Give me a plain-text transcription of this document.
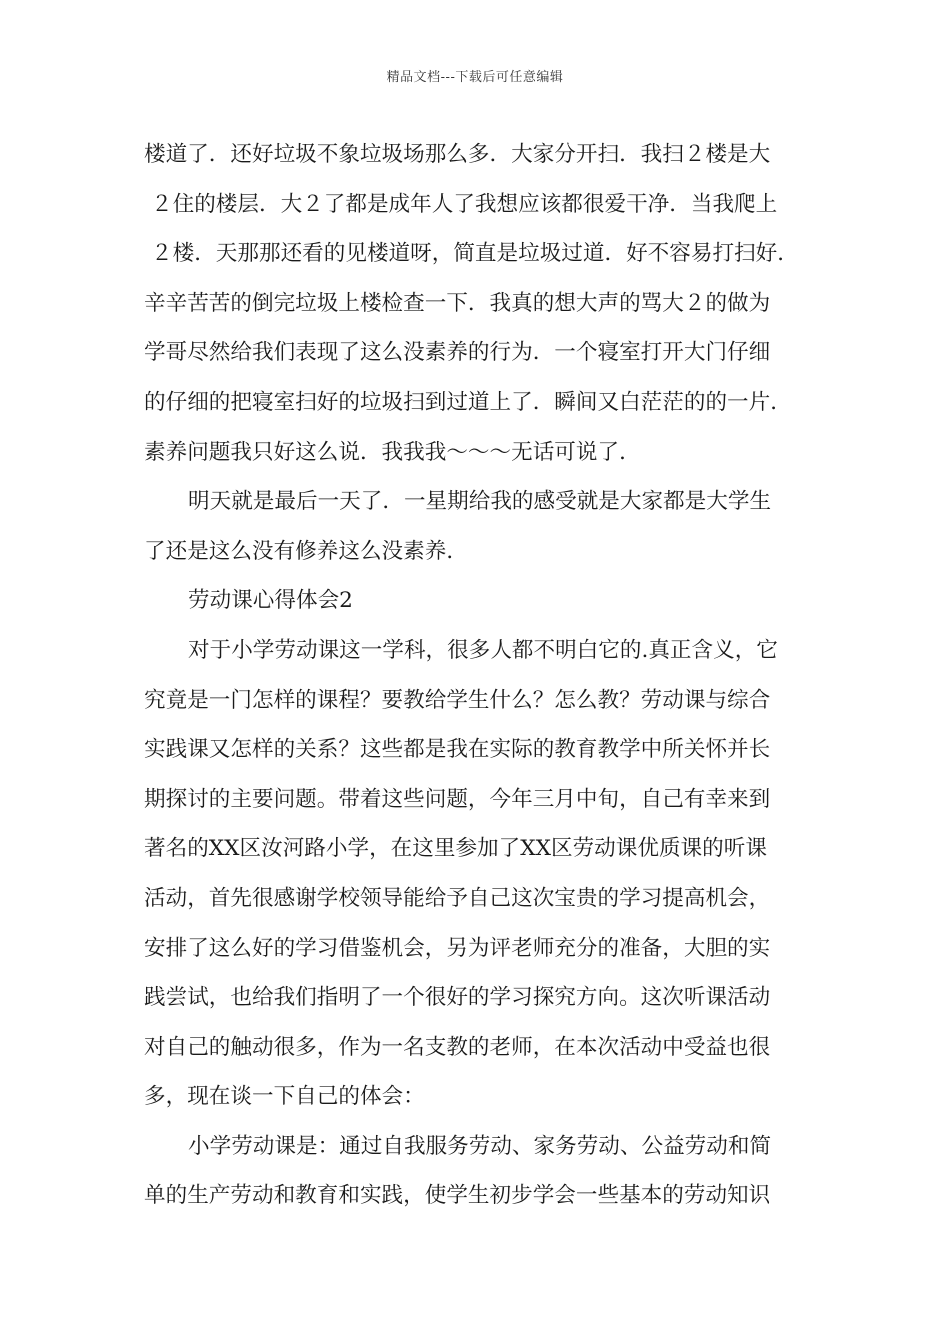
精品文档---下载后可任意编辑
楼道了．还好垃圾不象垃圾场那么多．大家分开扫．我扫２楼是大
２住的楼层．大２了都是成年人了我想应该都很爱干净．当我爬上
２楼．天那那还看的见楼道呀，简直是垃圾过道．好不容易打扫好．
辛辛苦苦的倒完垃圾上楼检查一下．我真的想大声的骂大２的做为
学哥尽然给我们表现了这么没素养的行为．一个寝室打开大门仔细
的仔细的把寝室扫好的垃圾扫到过道上了．瞬间又白茫茫的的一片．
素养问题我只好这么说．我我我～～～无话可说了．
明天就是最后一天了．一星期给我的感受就是大家都是大学生
了还是这么没有修养这么没素养．
劳动课心得体会2
对于小学劳动课这一学科，很多人都不明白它的.真正含义，它
究竟是一门怎样的课程？要教给学生什么？怎么教？劳动课与综合
实践课又怎样的关系？这些都是我在实际的教育教学中所关怀并长
期探讨的主要问题。带着这些问题，今年三月中旬，自己有幸来到
著名的XX区汝河路小学，在这里参加了XX区劳动课优质课的听课
活动，首先很感谢学校领导能给予自己这次宝贵的学习提高机会，
安排了这么好的学习借鉴机会，另为评老师充分的准备，大胆的实
践尝试，也给我们指明了一个很好的学习探究方向。这次听课活动
对自己的触动很多，作为一名支教的老师，在本次活动中受益也很
多，现在谈一下自己的体会：
小学劳动课是：通过自我服务劳动、家务劳动、公益劳动和简
单的生产劳动和教育和实践，使学生初步学会一些基本的劳动知识
